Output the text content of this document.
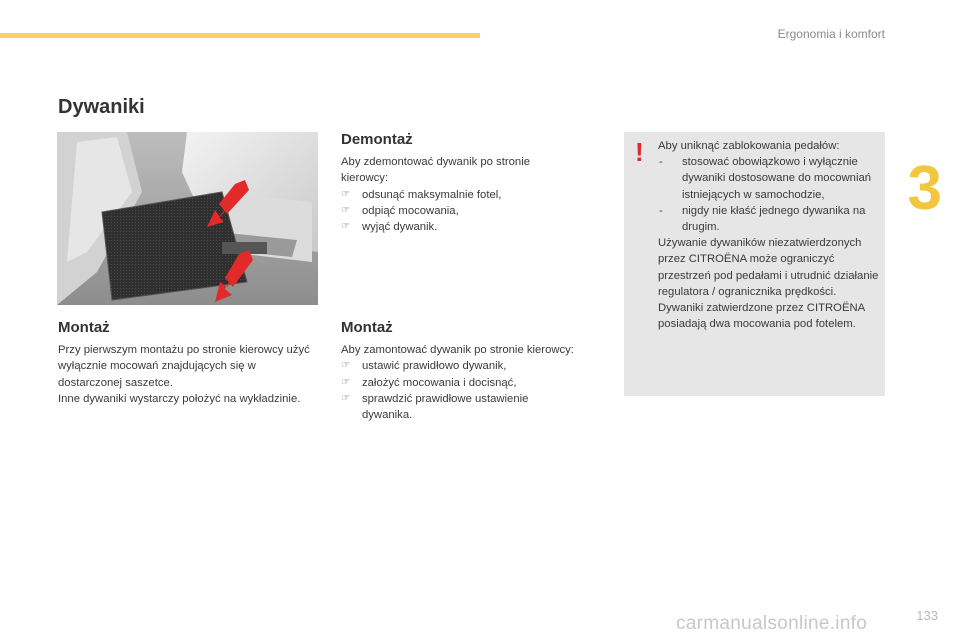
Ergonomia i komfort
3
Dywaniki
Demontaż

Aby zdemontować dywanik po stronie kierowcy:

☞ odsunąć maksymalnie fotel,
☞ odpiąć mocowania,
☞ wyjąć dywanik.
Montaż

Przy pierwszym montażu po stronie kierowcy użyć wyłącznie mocowań znajdujących się w dostarczonej saszetce.

Inne dywaniki wystarczy położyć na wykładzinie.

Montaż

Aby zamontować dywanik po stronie kierowcy:

☞ ustawić prawidłowo dywanik,
☞ założyć mocowania i docisnąć,
☞ sprawdzić prawidłowe ustawienie dywanika.
! Aby uniknąć zablokowania pedałów:
- stosować obowiązkowo i wyłącznie dywaniki dostosowane do mocowniań istniejących w samochodzie,
- nigdy nie kłaść jednego dywanika na drugim.
Używanie dywaników niezatwierdzonych przez CITROËNA może ograniczyć przestrzeń pod pedałami i utrudnić działanie regulatora / ogranicznika prędkości.
Dywaniki zatwierdzone przez CITROËNA posiadają dwa mocowania pod fotelem.
133
carmanualsonline.info
